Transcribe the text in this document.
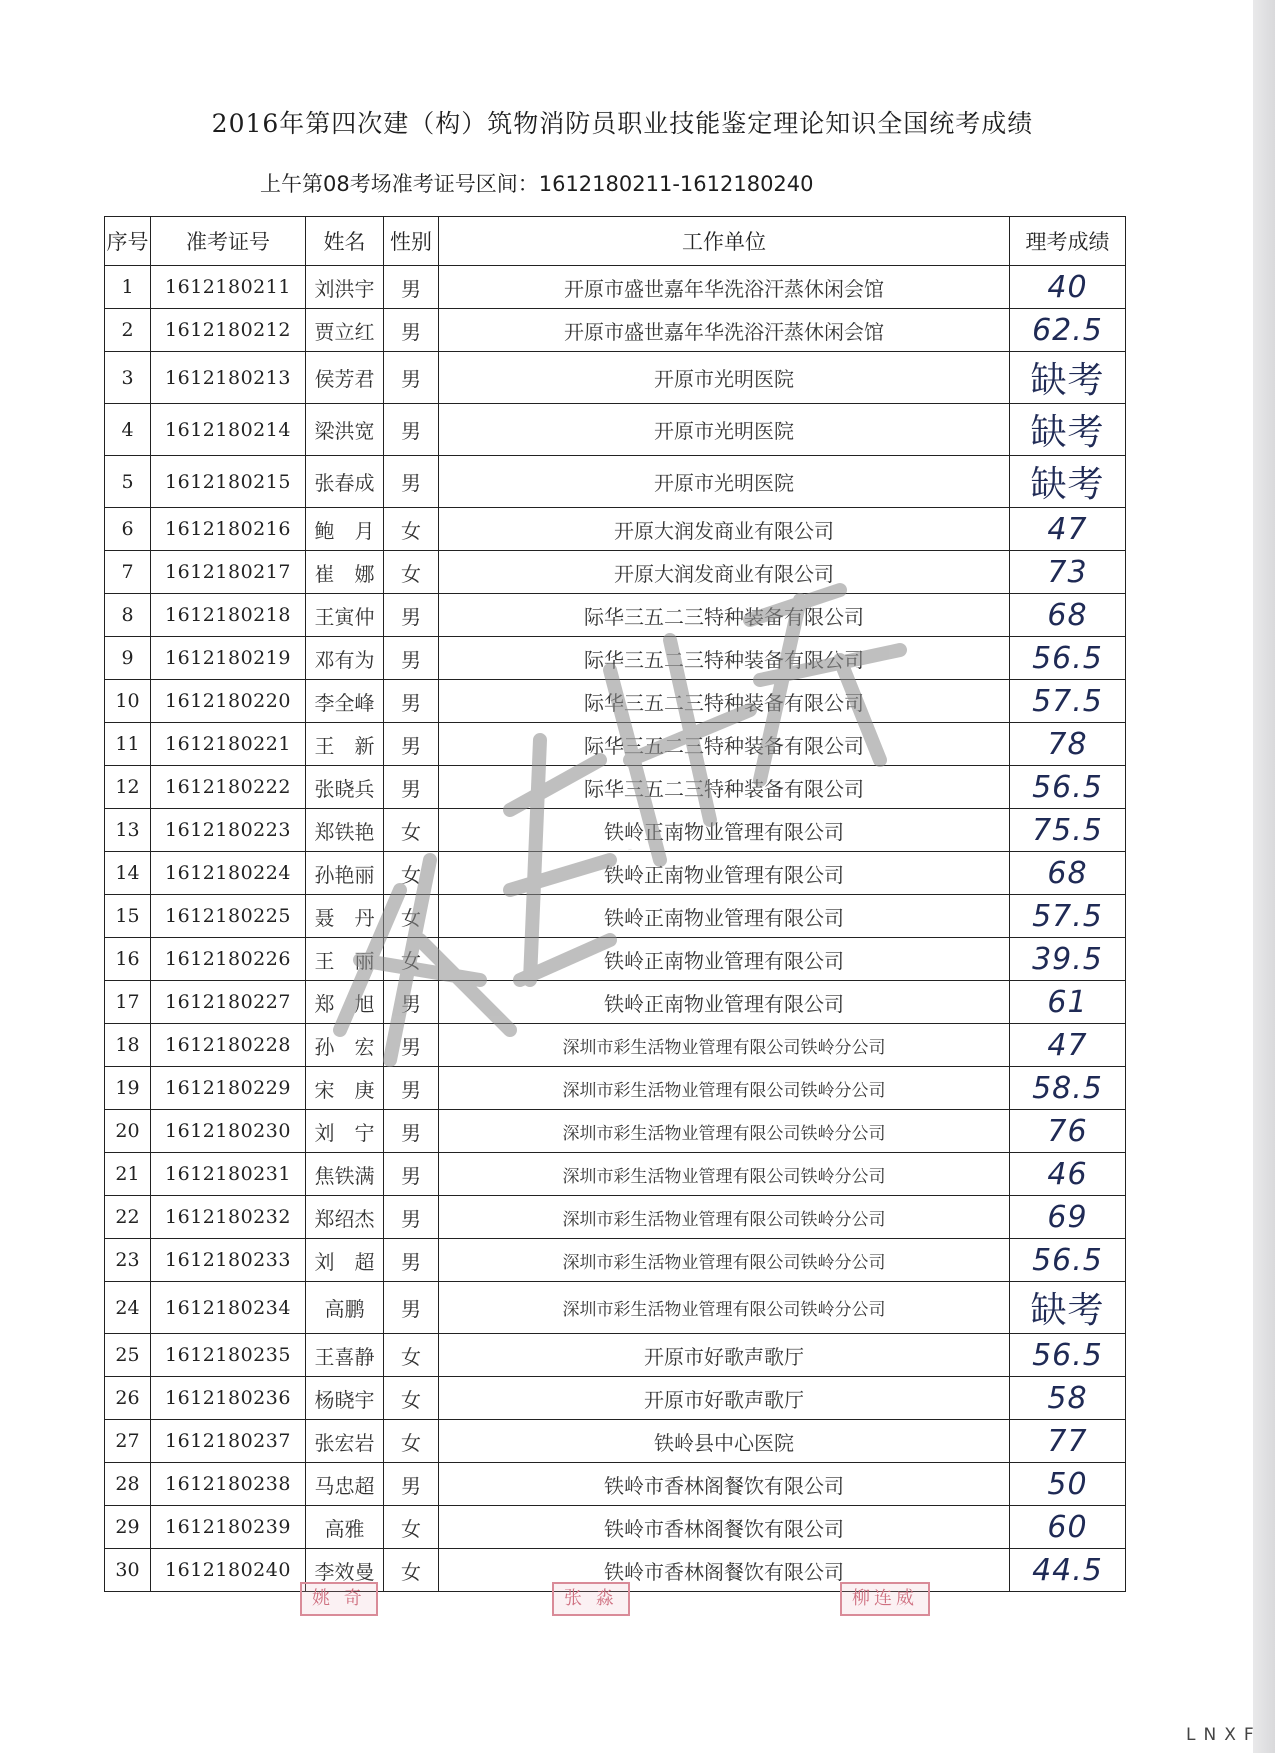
2016年第四次建（构）筑物消防员职业技能鉴定理论知识全国统考成绩
上午第08考场准考证号区间：1612180211-1612180240
序号	准考证号	姓名	性别	工作单位	理考成绩
1	1612180211	刘洪宇	男	开原市盛世嘉年华洗浴汗蒸休闲会馆	40
2	1612180212	贾立红	男	开原市盛世嘉年华洗浴汗蒸休闲会馆	62.5
3	1612180213	侯芳君	男	开原市光明医院	缺考
4	1612180214	梁洪宽	男	开原市光明医院	缺考
5	1612180215	张春成	男	开原市光明医院	缺考
6	1612180216	鲍　月	女	开原大润发商业有限公司	47
7	1612180217	崔　娜	女	开原大润发商业有限公司	73
8	1612180218	王寅仲	男	际华三五二三特种装备有限公司	68
9	1612180219	邓有为	男	际华三五二三特种装备有限公司	56.5
10	1612180220	李全峰	男	际华三五二三特种装备有限公司	57.5
11	1612180221	王　新	男	际华三五二三特种装备有限公司	78
12	1612180222	张晓兵	男	际华三五二三特种装备有限公司	56.5
13	1612180223	郑铁艳	女	铁岭正南物业管理有限公司	75.5
14	1612180224	孙艳丽	女	铁岭正南物业管理有限公司	68
15	1612180225	聂　丹	女	铁岭正南物业管理有限公司	57.5
16	1612180226	王　丽	女	铁岭正南物业管理有限公司	39.5
17	1612180227	郑　旭	男	铁岭正南物业管理有限公司	61
18	1612180228	孙　宏	男	深圳市彩生活物业管理有限公司铁岭分公司	47
19	1612180229	宋　庚	男	深圳市彩生活物业管理有限公司铁岭分公司	58.5
20	1612180230	刘　宁	男	深圳市彩生活物业管理有限公司铁岭分公司	76
21	1612180231	焦铁满	男	深圳市彩生活物业管理有限公司铁岭分公司	46
22	1612180232	郑绍杰	男	深圳市彩生活物业管理有限公司铁岭分公司	69
23	1612180233	刘　超	男	深圳市彩生活物业管理有限公司铁岭分公司	56.5
24	1612180234	高鹏	男	深圳市彩生活物业管理有限公司铁岭分公司	缺考
25	1612180235	王喜静	女	开原市好歌声歌厅	56.5
26	1612180236	杨晓宇	女	开原市好歌声歌厅	58
27	1612180237	张宏岩	女	铁岭县中心医院	77
28	1612180238	马忠超	男	铁岭市香林阁餐饮有限公司	50
29	1612180239	高雅	女	铁岭市香林阁餐饮有限公司	60
30	1612180240	李效曼	女	铁岭市香林阁餐饮有限公司	44.5
第八考
姚 奇	张 淼	柳连威
LNXF
